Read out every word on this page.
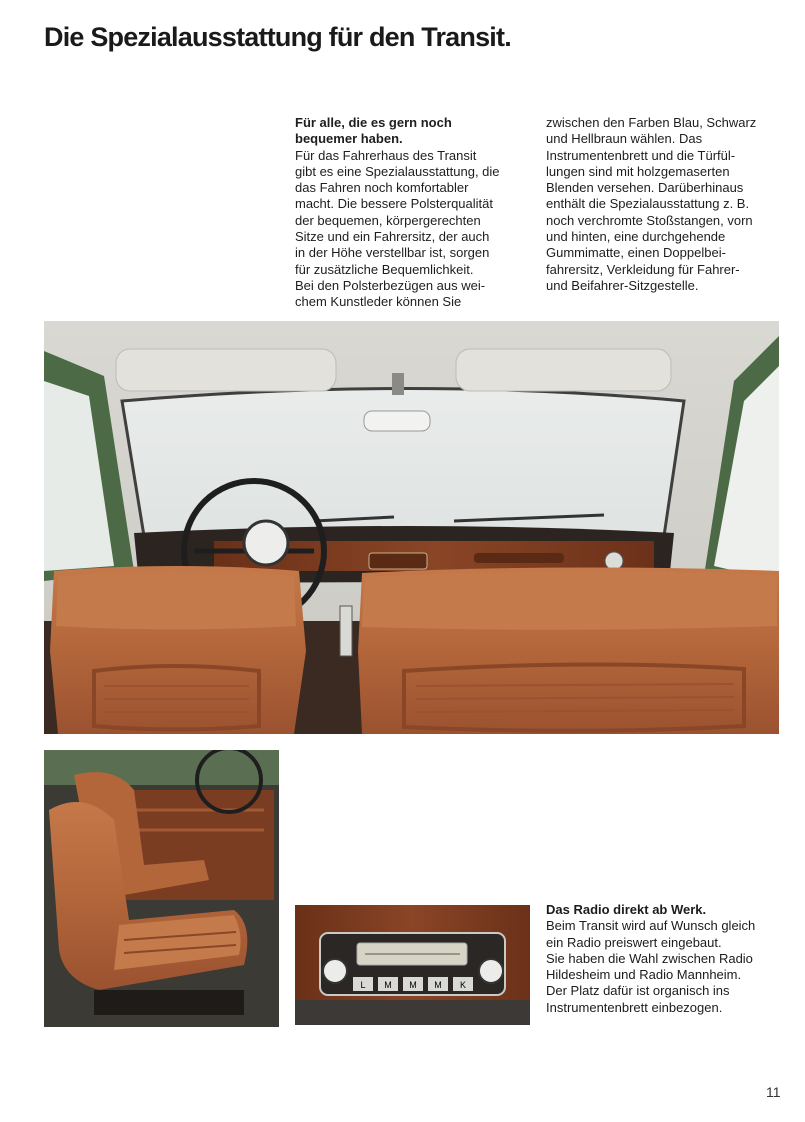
Die Spezialausstattung für den Transit.
Für alle, die es gern noch
bequemer haben.
Für das Fahrerhaus des Transit
gibt es eine Spezialausstattung, die
das Fahren noch komfortabler
macht. Die bessere Polsterqualität
der bequemen, körpergerechten
Sitze und ein Fahrersitz, der auch
in der Höhe verstellbar ist, sorgen
für zusätzliche Bequemlichkeit.
Bei den Polsterbezügen aus wei-
chem Kunstleder können Sie
zwischen den Farben Blau, Schwarz
und Hellbraun wählen. Das
Instrumentenbrett und die Türfül-
lungen sind mit holzgemaserten
Blenden versehen. Darüberhinaus
enthält die Spezialausstattung z. B.
noch verchromte Stoßstangen, vorn
und hinten, eine durchgehende
Gummimatte, einen Doppelbei-
fahrersitz, Verkleidung für Fahrer-
und Beifahrer-Sitzgestelle.
L M M M K
Das Radio direkt ab Werk.
Beim Transit wird auf Wunsch gleich
ein Radio preiswert eingebaut.
Sie haben die Wahl zwischen Radio
Hildesheim und Radio Mannheim.
Der Platz dafür ist organisch ins
Instrumentenbrett einbezogen.
11
